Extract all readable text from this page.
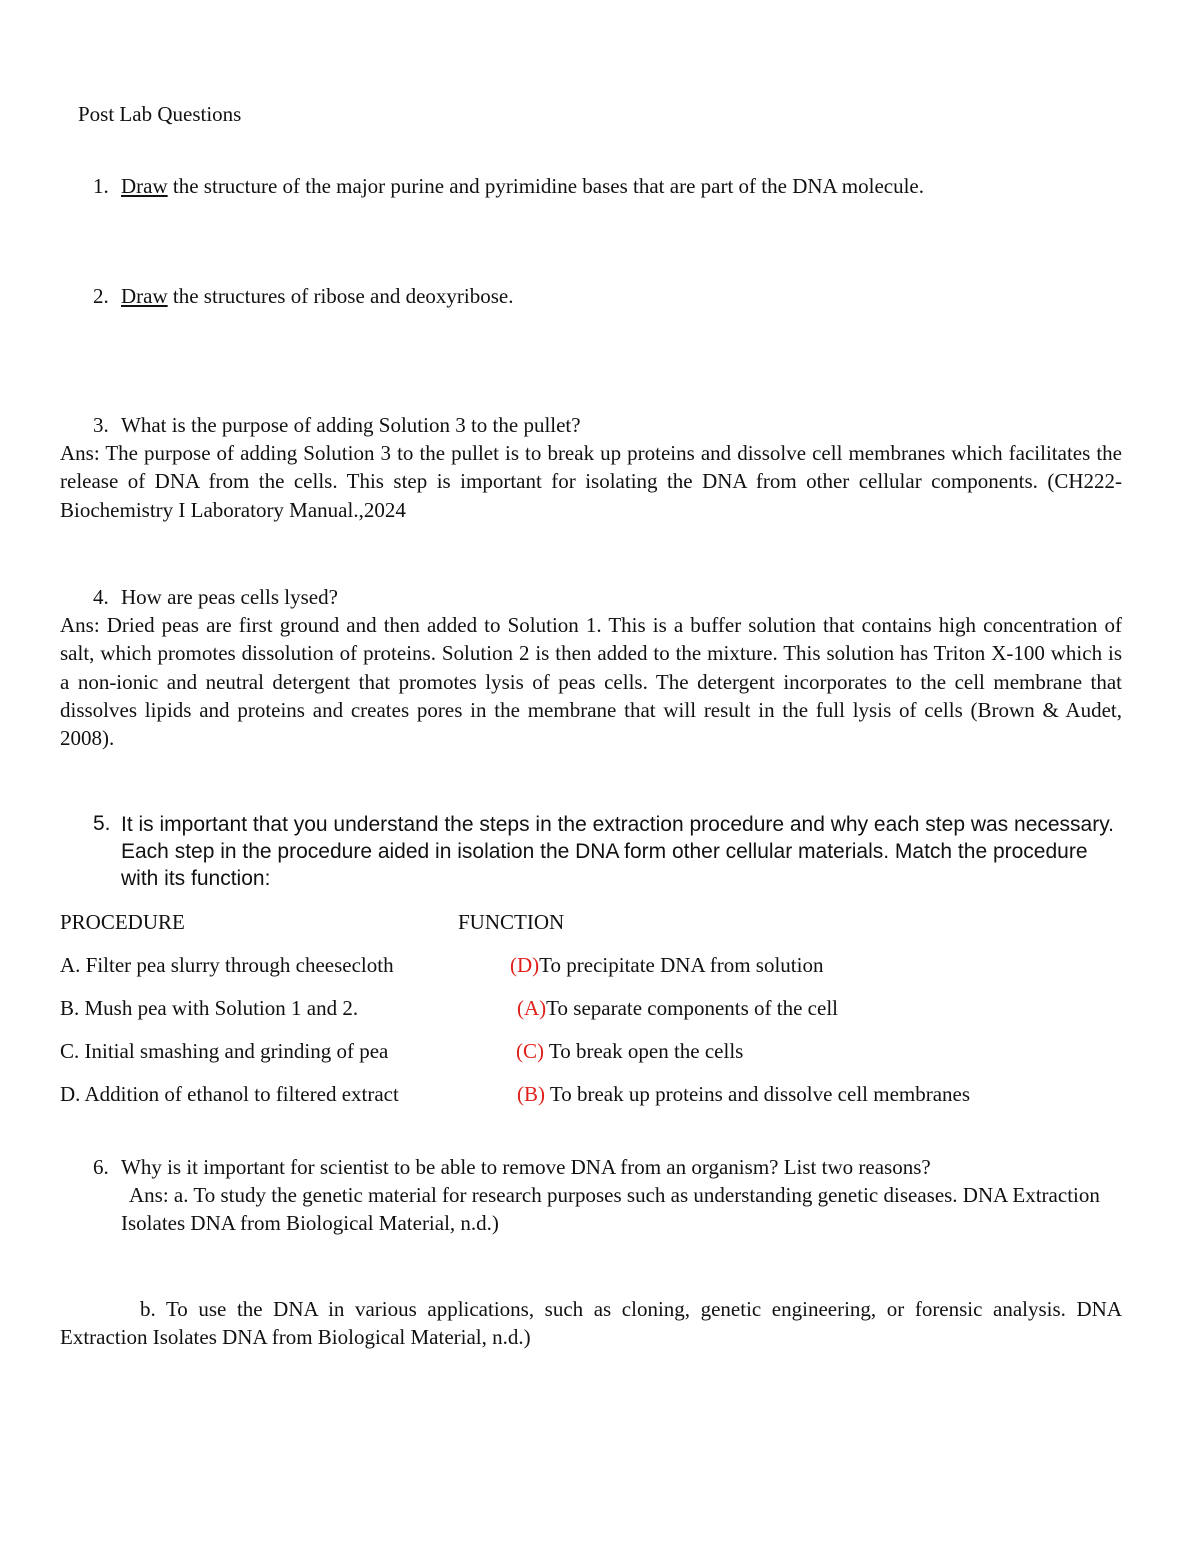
Post Lab Questions
1. Draw the structure of the major purine and pyrimidine bases that are part of the DNA molecule.
2. Draw the structures of ribose and deoxyribose.
3. What is the purpose of adding Solution 3 to the pullet?
Ans: The purpose of adding Solution 3 to the pullet is to break up proteins and dissolve cell membranes which facilitates the release of DNA from the cells. This step is important for isolating the DNA from other cellular components. (CH222-Biochemistry I Laboratory Manual.,2024
4. How are peas cells lysed?
Ans: Dried peas are first ground and then added to Solution 1. This is a buffer solution that contains high concentration of salt, which promotes dissolution of proteins. Solution 2 is then added to the mixture. This solution has Triton X-100 which is a non-ionic and neutral detergent that promotes lysis of peas cells. The detergent incorporates to the cell membrane that dissolves lipids and proteins and creates pores in the membrane that will result in the full lysis of cells (Brown & Audet, 2008).
5. It is important that you understand the steps in the extraction procedure and why each step was necessary. Each step in the procedure aided in isolation the DNA form other cellular materials. Match the procedure with its function:
PROCEDURE	FUNCTION
A. Filter pea slurry through cheesecloth	(D)To precipitate DNA from solution
B. Mush pea with Solution 1 and 2.	(A)To separate components of the cell
C. Initial smashing and grinding of pea	(C) To break open the cells
D. Addition of ethanol to filtered extract	(B) To break up proteins and dissolve cell membranes
6. Why is it important for scientist to be able to remove DNA from an organism? List two reasons?
Ans: a. To study the genetic material for research purposes such as understanding genetic diseases. DNA Extraction Isolates DNA from Biological Material, n.d.)
b. To use the DNA in various applications, such as cloning, genetic engineering, or forensic analysis. DNA Extraction Isolates DNA from Biological Material, n.d.)
